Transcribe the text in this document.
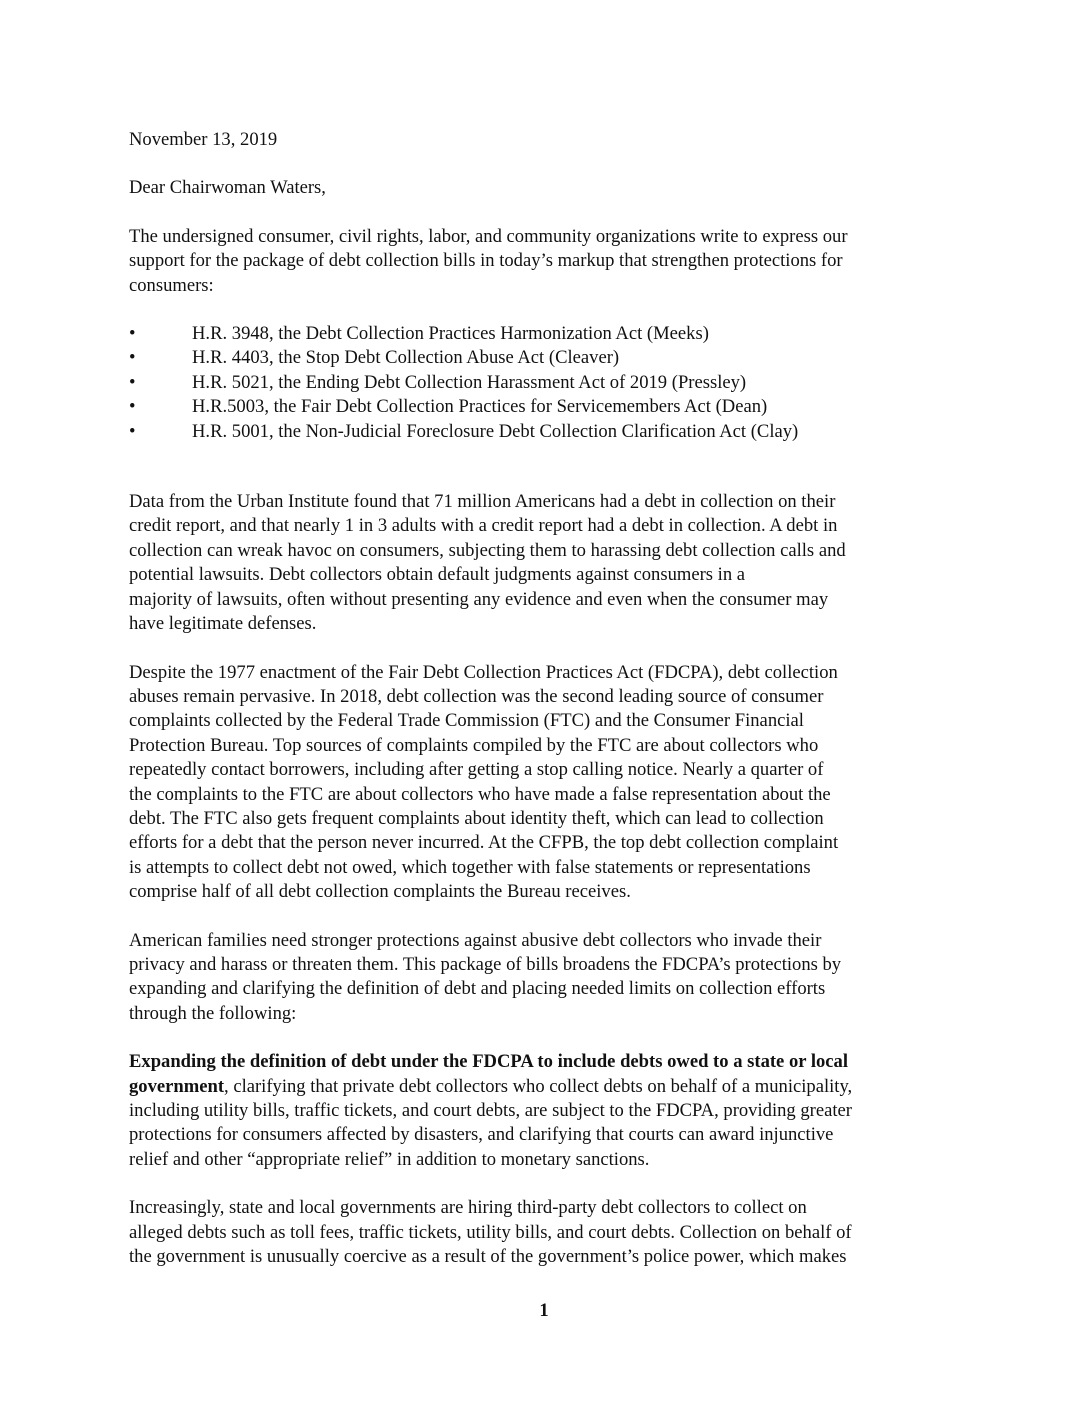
November 13, 2019

Dear Chairwoman Waters,

The undersigned consumer, civil rights, labor, and community organizations write to express our
support for the package of debt collection bills in today’s markup that strengthen protections for
consumers:

•	H.R. 3948, the Debt Collection Practices Harmonization Act (Meeks)
•	H.R. 4403, the Stop Debt Collection Abuse Act (Cleaver)
•	H.R. 5021, the Ending Debt Collection Harassment Act of 2019 (Pressley)
•	H.R.5003, the Fair Debt Collection Practices for Servicemembers Act (Dean)
•	H.R. 5001, the Non-Judicial Foreclosure Debt Collection Clarification Act (Clay)

Data from the Urban Institute found that 71 million Americans had a debt in collection on their
credit report, and that nearly 1 in 3 adults with a credit report had a debt in collection. A debt in
collection can wreak havoc on consumers, subjecting them to harassing debt collection calls and
potential lawsuits. Debt collectors obtain default judgments against consumers in a
majority of lawsuits, often without presenting any evidence and even when the consumer may
have legitimate defenses.

Despite the 1977 enactment of the Fair Debt Collection Practices Act (FDCPA), debt collection
abuses remain pervasive. In 2018, debt collection was the second leading source of consumer
complaints collected by the Federal Trade Commission (FTC) and the Consumer Financial
Protection Bureau. Top sources of complaints compiled by the FTC are about collectors who
repeatedly contact borrowers, including after getting a stop calling notice. Nearly a quarter of
the complaints to the FTC are about collectors who have made a false representation about the
debt. The FTC also gets frequent complaints about identity theft, which can lead to collection
efforts for a debt that the person never incurred. At the CFPB, the top debt collection complaint
is attempts to collect debt not owed, which together with false statements or representations
comprise half of all debt collection complaints the Bureau receives.

American families need stronger protections against abusive debt collectors who invade their
privacy and harass or threaten them. This package of bills broadens the FDCPA’s protections by
expanding and clarifying the definition of debt and placing needed limits on collection efforts
through the following:

Expanding the definition of debt under the FDCPA to include debts owed to a state or local
government, clarifying that private debt collectors who collect debts on behalf of a municipality,
including utility bills, traffic tickets, and court debts, are subject to the FDCPA, providing greater
protections for consumers affected by disasters, and clarifying that courts can award injunctive
relief and other “appropriate relief” in addition to monetary sanctions.

Increasingly, state and local governments are hiring third-party debt collectors to collect on
alleged debts such as toll fees, traffic tickets, utility bills, and court debts. Collection on behalf of
the government is unusually coercive as a result of the government’s police power, which makes

1
